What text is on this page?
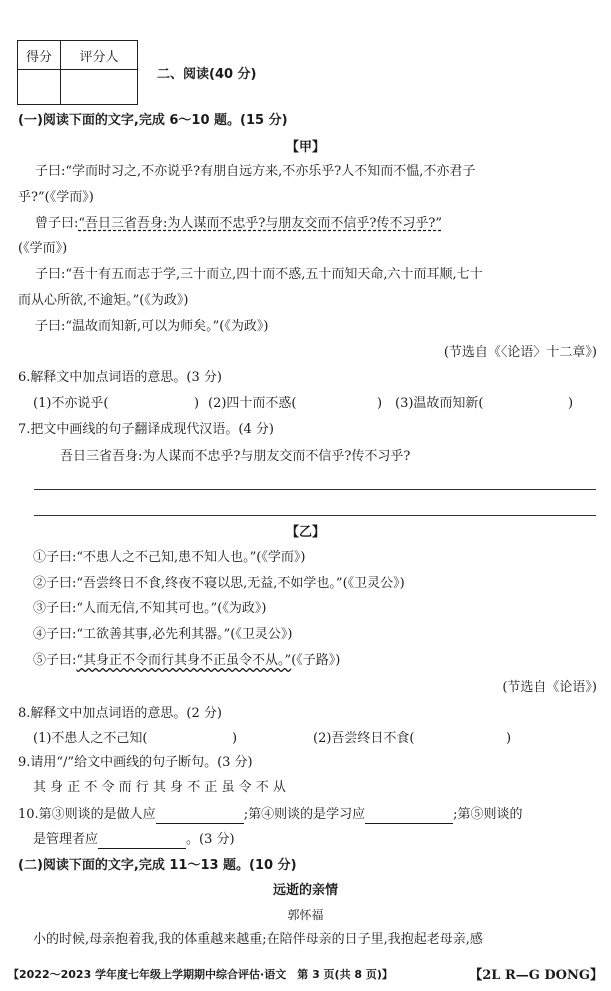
得分	评分人

二、阅读(40 分)
(一)阅读下面的文字,完成 6～10 题。(15 分)
【甲】
子曰:“学而时习之,不亦说乎?有朋自远方来,不亦乐乎?人不知而不愠,不亦君子
乎?”(《学而》)
曾子曰:“吾日三省吾身:为人谋而不忠乎?与朋友交而不信乎?传不习乎?”
(《学而》)
子曰:“吾十有五而志于学,三十而立,四十而不惑,五十而知天命,六十而耳顺,七十
而从心所欲,不逾矩。”(《为政》)
子曰:“温故而知新,可以为师矣。”(《为政》)
(节选自《〈论语〉十二章》)
6.解释文中加点词语的意思。(3 分)
(1)不亦说乎(	) (2)四十而不惑(	) (3)温故而知新(	)
7.把文中画线的句子翻译成现代汉语。(4 分)
吾日三省吾身:为人谋而不忠乎?与朋友交而不信乎?传不习乎?
【乙】
①子曰:“不患人之不己知,患不知人也。”(《学而》)
②子曰:“吾尝终日不食,终夜不寝以思,无益,不如学也。”(《卫灵公》)
③子曰:“人而无信,不知其可也。”(《为政》)
④子曰:“工欲善其事,必先利其器。”(《卫灵公》)
⑤子曰:“其身正不令而行其身不正虽令不从。”(《子路》)
(节选自《论语》)
8.解释文中加点词语的意思。(2 分)
(1)不患人之不己知(	)	(2)吾尝终日不食(	)
9.请用“/”给文中画线的句子断句。(3 分)
其 身 正 不 令 而 行 其 身 不 正 虽 令 不 从
10.第③则谈的是做人应	;第④则谈的是学习应	;第⑤则谈的
是管理者应	。(3 分)
(二)阅读下面的文字,完成 11～13 题。(10 分)
远逝的亲情
郭怀福
小的时候,母亲抱着我,我的体重越来越重;在陪伴母亲的日子里,我抱起老母亲,感
【2022～2023 学年度七年级上学期期中综合评估·语文　第 3 页(共 8 页)】	【2L R—G DONG】
